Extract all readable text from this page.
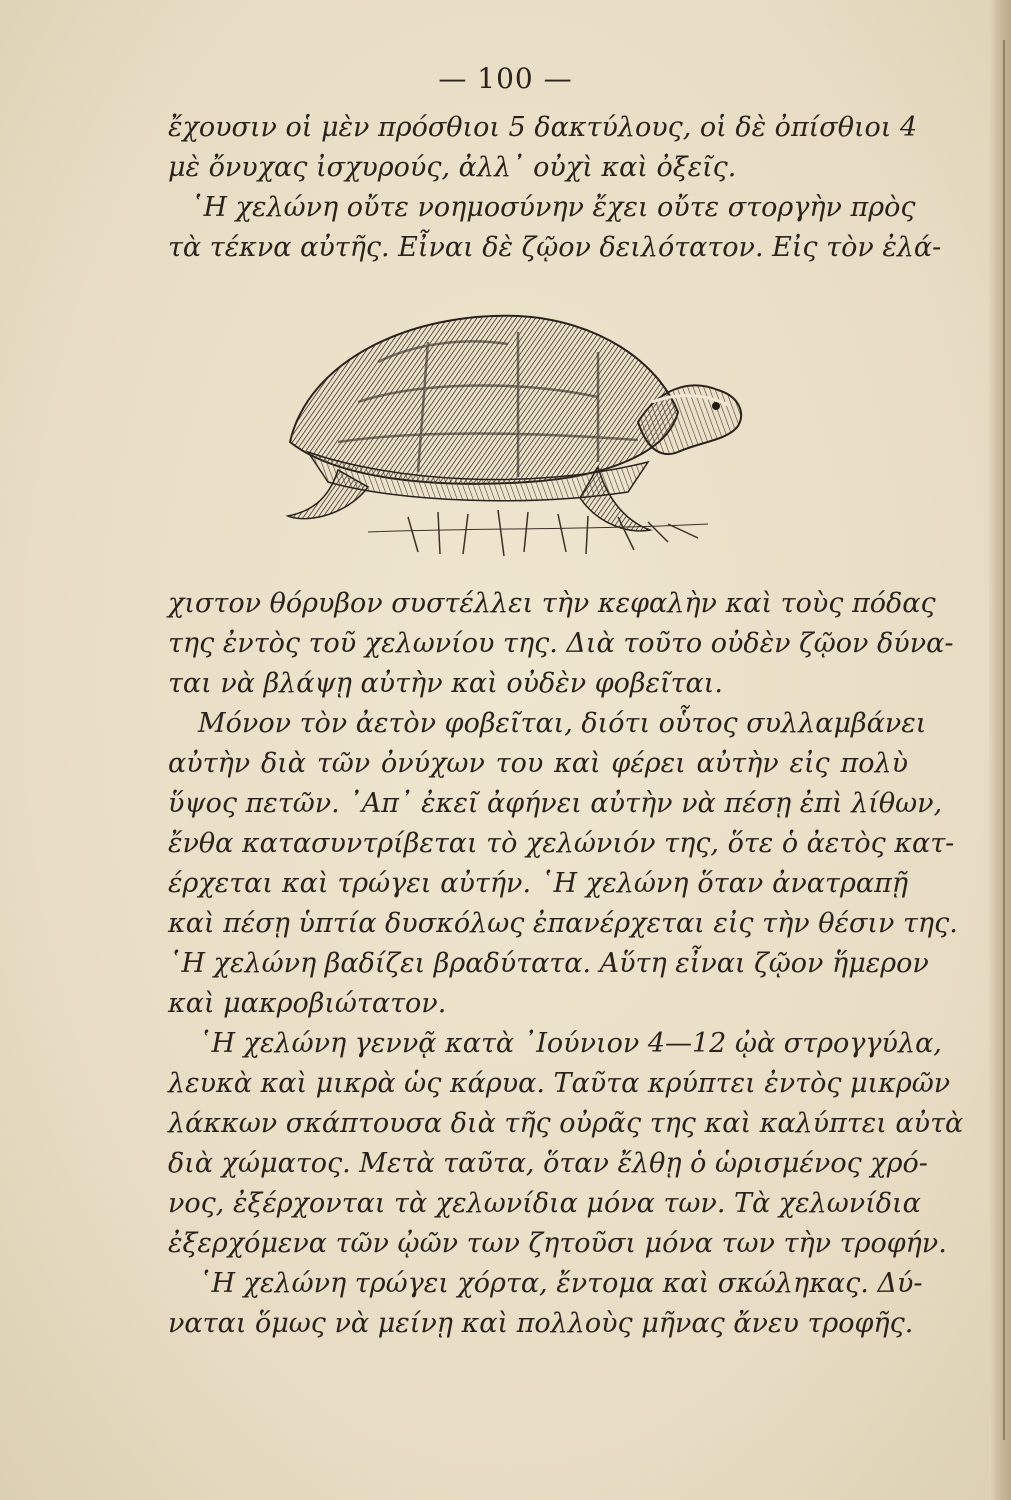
— 100 —
ἔχουσιν οἱ μὲν πρόσθιοι 5 δακτύλους, οἱ δὲ ὀπίσθιοι 4
μὲ ὄνυχας ἰσχυρούς, ἀλλ᾽ οὐχὶ καὶ ὀξεῖς.
῾Η χελώνη οὔτε νοημοσύνην ἔχει οὔτε στοργὴν πρὸς
τὰ τέκνα αὐτῆς. Εἶναι δὲ ζῷον δειλότατον. Εἰς τὸν ἐλά-
χιστον θόρυβον συστέλλει τὴν κεφαλὴν καὶ τοὺς πόδας
της ἐντὸς τοῦ χελωνίου της. Διὰ τοῦτο οὐδὲν ζῷον δύνα-
ται νὰ βλάψῃ αὐτὴν καὶ οὐδὲν φοβεῖται.
Μόνον τὸν ἀετὸν φοβεῖται, διότι οὗτος συλλαμβάνει
αὐτὴν διὰ τῶν ὀνύχων του καὶ φέρει αὐτὴν εἰς πολὺ
ὕψος πετῶν. ᾿Απ᾽ ἐκεῖ ἀφήνει αὐτὴν νὰ πέσῃ ἐπὶ λίθων,
ἔνθα κατασυντρίβεται τὸ χελώνιόν της, ὅτε ὁ ἀετὸς κατ-
έρχεται καὶ τρώγει αὐτήν. ῾Η χελώνη ὅταν ἀνατραπῇ
καὶ πέσῃ ὑπτία δυσκόλως ἐπανέρχεται εἰς τὴν θέσιν της.
῾Η χελώνη βαδίζει βραδύτατα. Αὕτη εἶναι ζῷον ἥμερον
καὶ μακροβιώτατον.
῾Η χελώνη γεννᾷ κατὰ ᾿Ιούνιον 4—12 ᾠὰ στρογγύλα,
λευκὰ καὶ μικρὰ ὡς κάρυα. Ταῦτα κρύπτει ἐντὸς μικρῶν
λάκκων σκάπτουσα διὰ τῆς οὐρᾶς της καὶ καλύπτει αὐτὰ
διὰ χώματος. Μετὰ ταῦτα, ὅταν ἔλθῃ ὁ ὡρισμένος χρό-
νος, ἐξέρχονται τὰ χελωνίδια μόνα των. Τὰ χελωνίδια
ἐξερχόμενα τῶν ᾠῶν των ζητοῦσι μόνα των τὴν τροφήν.
῾Η χελώνη τρώγει χόρτα, ἔντομα καὶ σκώληκας. Δύ-
ναται ὅμως νὰ μείνῃ καὶ πολλοὺς μῆνας ἄνευ τροφῆς.
